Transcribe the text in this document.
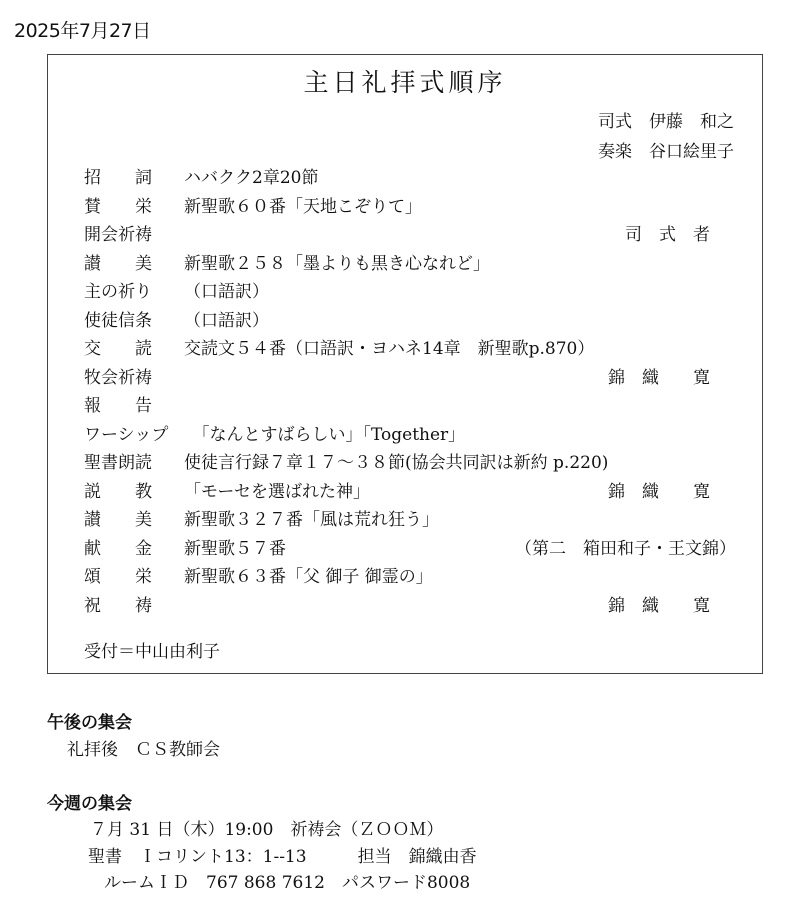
2025年7月27日
主日礼拝式順序
司式　伊藤　和之
奏楽　谷口絵里子
招　　詞 ハバクク2章20節
賛　　栄 新聖歌６０番「天地こぞりて」
開会祈祷	司　式　者
讃　　美 新聖歌２５８「墨よりも黒き心なれど」
主の祈り （口語訳）
使徒信条 （口語訳）
交　　読 交読文５４番（口語訳・ヨハネ14章　新聖歌p.870）
牧会祈祷	錦　織　　寛
報　　告
ワーシップ 　「なんとすばらしい」「Together」
聖書朗読 使徒言行録７章１７～３８節(協会共同訳は新約 p.220)
説　　教 「モーセを選ばれた神」	錦　織　　寛
讃　　美 新聖歌３２７番「風は荒れ狂う」
献　　金 新聖歌５７番	（第二　箱田和子・王文錦）
頌　　栄 新聖歌６３番「父 御子 御霊の」
祝　　祷	錦　織　　寛
受付＝中山由利子
午後の集会
礼拝後　ＣＳ教師会
今週の集会
７月 31 日（木）19:00　祈祷会（ＺＯＯＭ）
聖書　Ｉコリント13：1--13　　　担当　錦織由香
ルームＩＤ　767 868 7612　パスワード8008
